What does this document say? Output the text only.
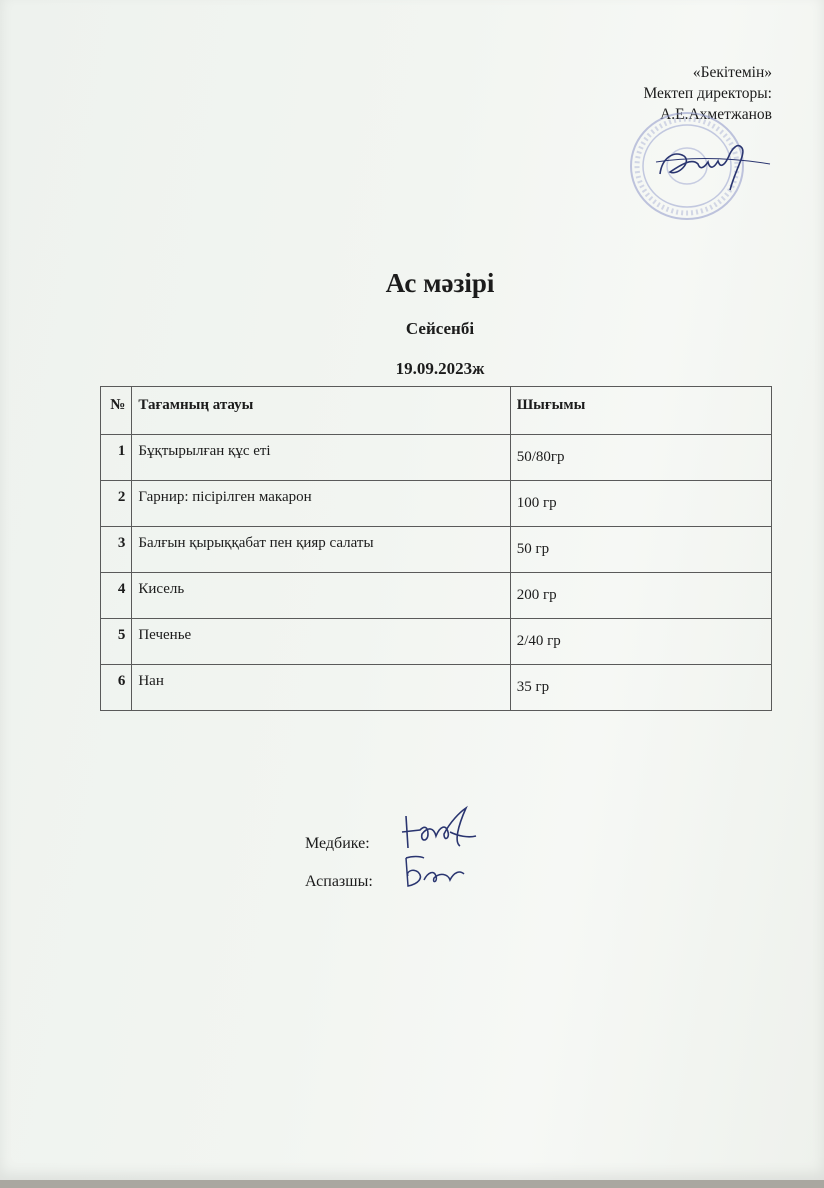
«Бекітемін»
Мектеп директоры:
А.Е.Ахметжанов
Ас мәзірі
Сейсенбі
19.09.2023ж
№	Тағамның атауы	Шығымы
1	Бұқтырылған құс еті	50/80гр
2	Гарнир: пісірілген макарон	100 гр
3	Балғын қырыққабат пен қияр салаты	50 гр
4	Кисель	200 гр
5	Печенье	2/40 гр
6	Нан	35 гр
Медбике:
Аспазшы:
